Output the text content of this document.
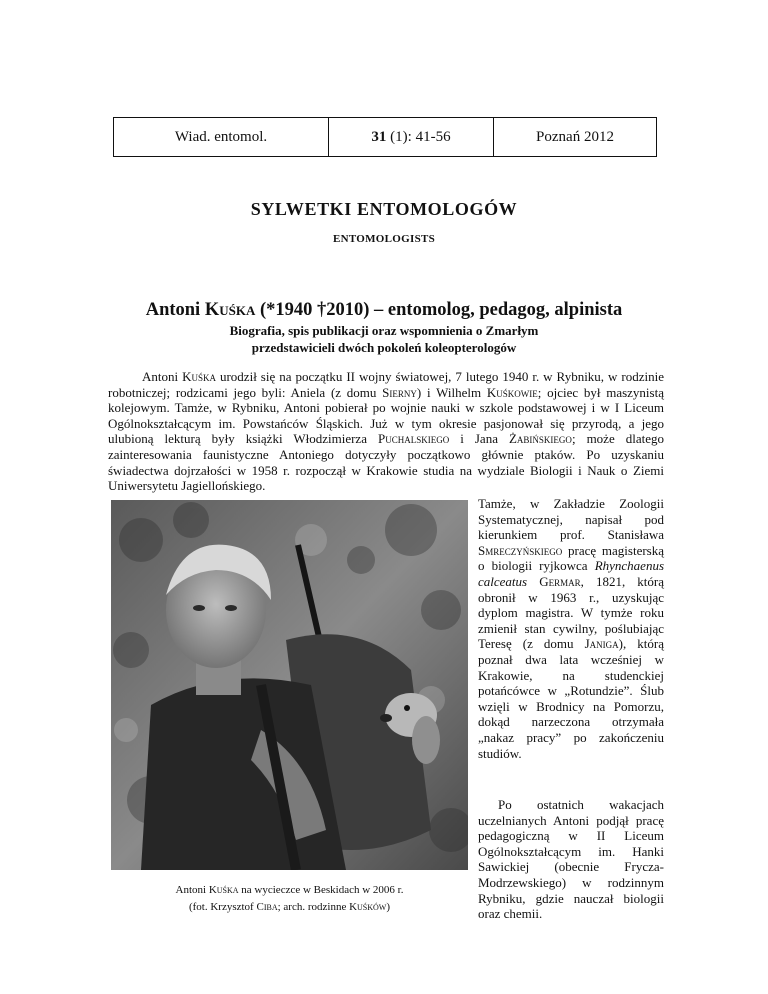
Wiad. entomol.	31 (1): 41-56	Poznań 2012
SYLWETKI ENTOMOLOGÓW
ENTOMOLOGISTS
Antoni Kuśka (*1940 †2010) – entomolog, pedagog, alpinista
Biografia, spis publikacji oraz wspomnienia o Zmarłym
przedstawicieli dwóch pokoleń koleopterologów

Antoni Kuśka urodził się na początku II wojny światowej, 7 lutego 1940 r. w Rybniku, w rodzinie robotniczej; rodzicami jego byli: Aniela (z domu Sierny) i Wilhelm Kuśkowie; ojciec był maszynistą kolejowym. Tamże, w Rybniku, Antoni pobierał po wojnie nauki w szkole podstawowej i w I Liceum Ogólnokształcącym im. Powstańców Śląskich. Już w tym okresie pasjonował się przyrodą, a jego ulubioną lekturą były książki Włodzimierza Puchalskiego i Jana Żabińskiego; może dlatego zainteresowania faunistyczne Antoniego dotyczyły początkowo głównie ptaków. Po uzyskaniu świadectwa dojrzałości w 1958 r. rozpoczął w Krakowie studia na wydziale Biologii i Nauk o Ziemi Uniwersytetu Jagiellońskiego.

Tamże, w Zakładzie Zoologii Systematycznej, napisał pod kierunkiem prof. Stanisława Smreczyńskiego pracę magisterską o biologii ryjkowca Rhynchaenus calceatus Germar, 1821, którą obronił w 1963 r., uzyskując dyplom magistra. W tymże roku zmienił stan cywilny, poślubiając Teresę (z domu Janiga), którą poznał dwa lata wcześniej w Krakowie, na studenckiej potańcówce w „Rotundzie”. Ślub wzięli w Brodnicy na Pomorzu, dokąd narzeczona otrzymała „nakaz pracy” po zakończeniu studiów.

Po ostatnich wakacjach uczelnianych Antoni podjął pracę pedagogiczną w II Liceum Ogólnokształcącym im. Hanki Sawickiej (obecnie Frycza-Modrzewskiego) w rodzinnym Rybniku, gdzie nauczał biologii oraz chemii.

Antoni Kuśka na wycieczce w Beskidach w 2006 r.
(fot. Krzysztof Ciba; arch. rodzinne Kuśków)
